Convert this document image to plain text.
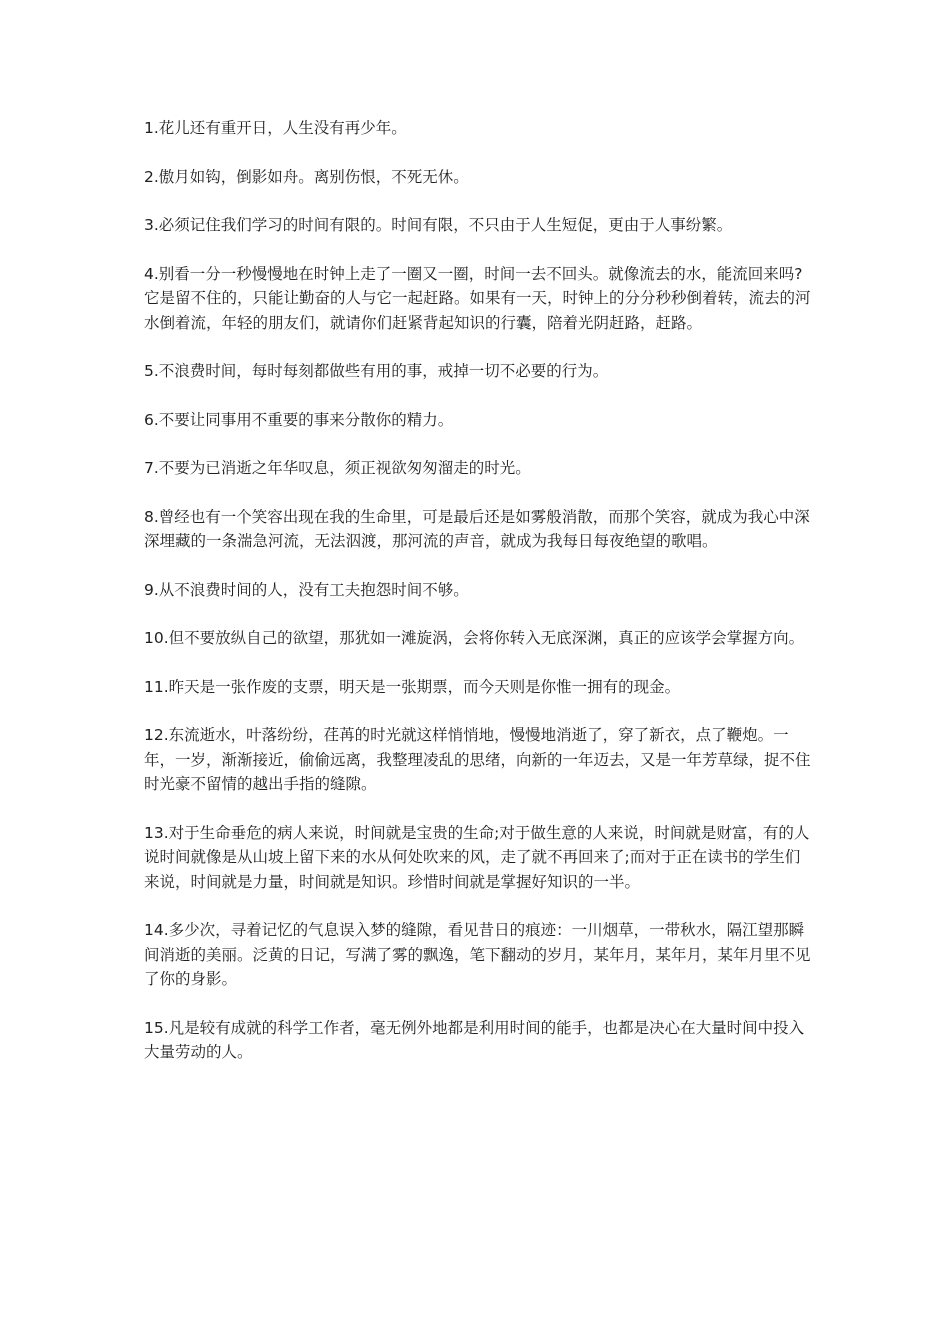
1.花儿还有重开日，人生没有再少年。

2.傲月如钩，倒影如舟。离别伤恨，不死无休。

3.必须记住我们学习的时间有限的。时间有限，不只由于人生短促，更由于人事纷繁。

4.别看一分一秒慢慢地在时钟上走了一圈又一圈，时间一去不回头。就像流去的水，能流回来吗?它是留不住的，只能让勤奋的人与它一起赶路。如果有一天，时钟上的分分秒秒倒着转，流去的河水倒着流，年轻的朋友们，就请你们赶紧背起知识的行囊，陪着光阴赶路，赶路。

5.不浪费时间，每时每刻都做些有用的事，戒掉一切不必要的行为。

6.不要让同事用不重要的事来分散你的精力。

7.不要为已消逝之年华叹息，须正视欲匆匆溜走的时光。

8.曾经也有一个笑容出现在我的生命里，可是最后还是如雾般消散，而那个笑容，就成为我心中深深埋藏的一条湍急河流，无法泅渡，那河流的声音，就成为我每日每夜绝望的歌唱。

9.从不浪费时间的人，没有工夫抱怨时间不够。

10.但不要放纵自己的欲望，那犹如一滩旋涡，会将你转入无底深渊，真正的应该学会掌握方向。

11.昨天是一张作废的支票，明天是一张期票，而今天则是你惟一拥有的现金。

12.东流逝水，叶落纷纷，荏苒的时光就这样悄悄地，慢慢地消逝了，穿了新衣，点了鞭炮。一年，一岁，渐渐接近，偷偷远离，我整理凌乱的思绪，向新的一年迈去，又是一年芳草绿，捉不住时光豪不留情的越出手指的缝隙。

13.对于生命垂危的病人来说，时间就是宝贵的生命;对于做生意的人来说，时间就是财富，有的人说时间就像是从山坡上留下来的水从何处吹来的风，走了就不再回来了;而对于正在读书的学生们来说，时间就是力量，时间就是知识。珍惜时间就是掌握好知识的一半。

14.多少次，寻着记忆的气息误入梦的缝隙，看见昔日的痕迹：一川烟草，一带秋水，隔江望那瞬间消逝的美丽。泛黄的日记，写满了雾的飘逸，笔下翻动的岁月，某年月，某年月，某年月里不见了你的身影。

15.凡是较有成就的科学工作者，毫无例外地都是利用时间的能手，也都是决心在大量时间中投入大量劳动的人。
